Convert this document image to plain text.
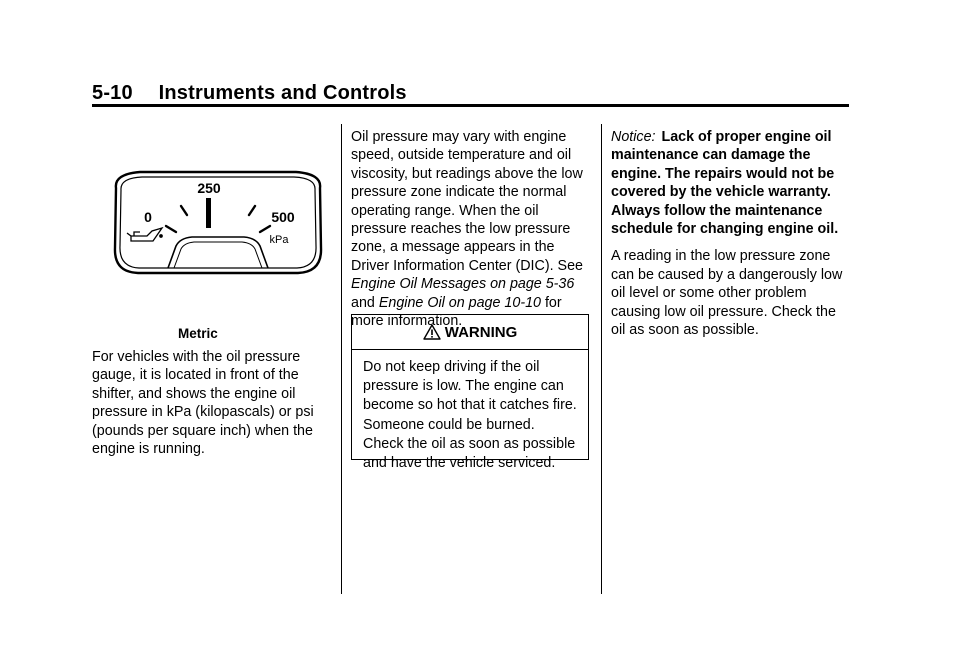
5-10 Instruments and Controls
250
0	500
kPa
Metric

For vehicles with the oil pressure gauge, it is located in front of the shifter, and shows the engine oil pressure in kPa (kilopascals) or psi (pounds per square inch) when the engine is running.

Oil pressure may vary with engine speed, outside temperature and oil viscosity, but readings above the low pressure zone indicate the normal operating range. When the oil pressure reaches the low pressure zone, a message appears in the Driver Information Center (DIC). See Engine Oil Messages on page 5-36 and Engine Oil on page 10-10 for more information.

WARNING
Do not keep driving if the oil pressure is low. The engine can become so hot that it catches fire. Someone could be burned. Check the oil as soon as possible and have the vehicle serviced.

Notice: Lack of proper engine oil maintenance can damage the engine. The repairs would not be covered by the vehicle warranty. Always follow the maintenance schedule for changing engine oil.

A reading in the low pressure zone can be caused by a dangerously low oil level or some other problem causing low oil pressure. Check the oil as soon as possible.
